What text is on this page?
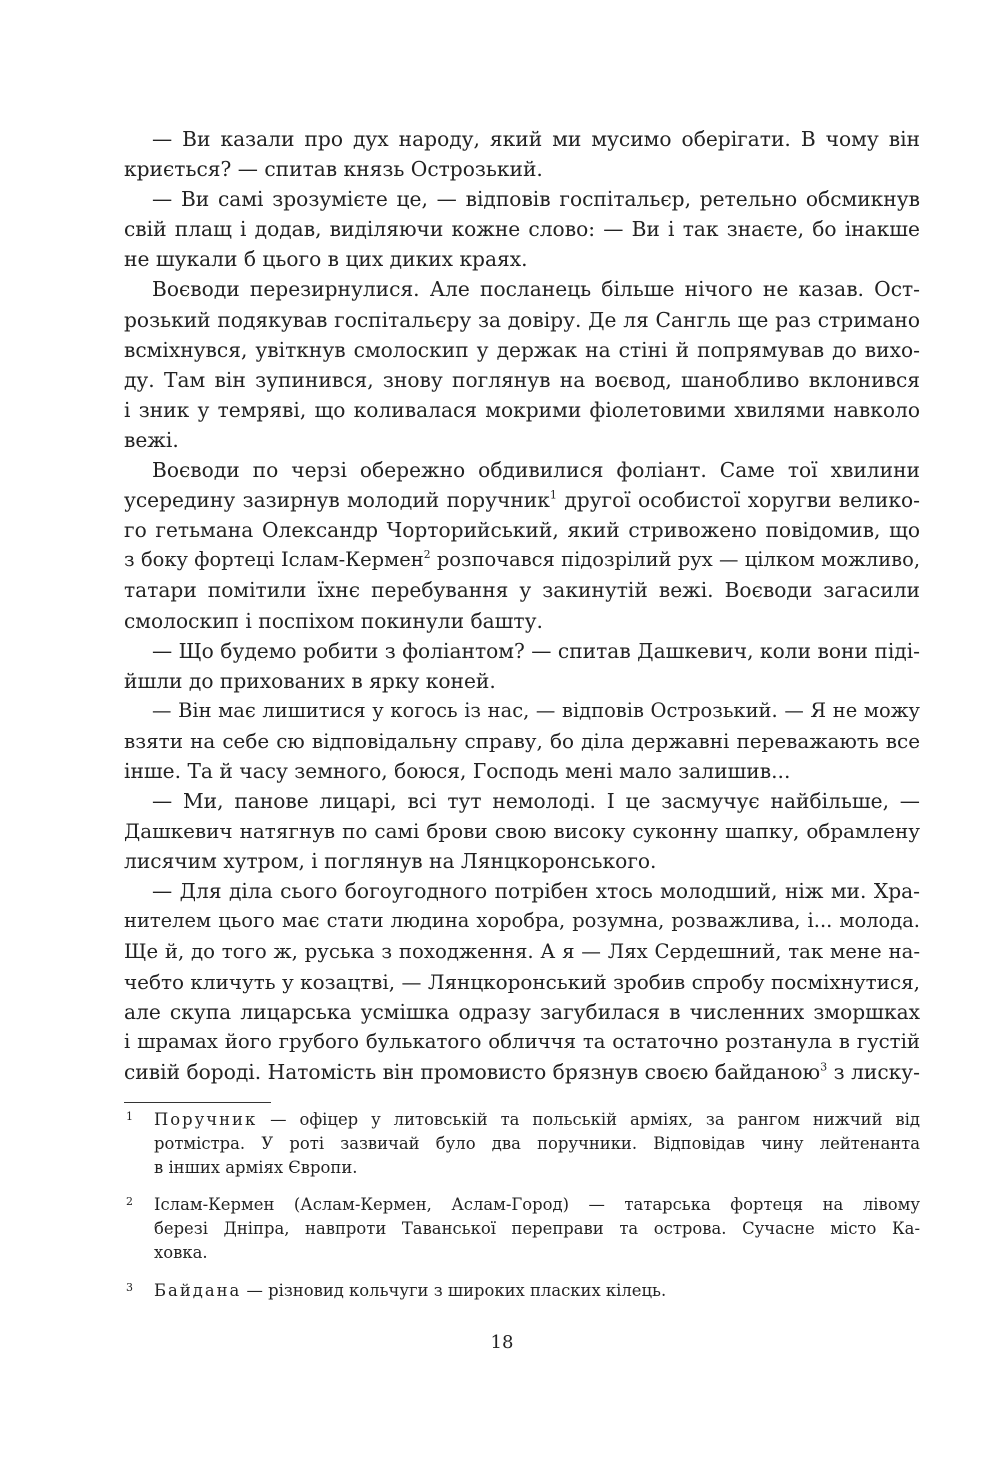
— Ви казали про дух народу, який ми мусимо оберігати. В чому він
криється? — спитав князь Острозький.
— Ви самі зрозумієте це, — відповів госпітальєр, ретельно обсмикнув
свій плащ і додав, виділяючи кожне слово: — Ви і так знаєте, бо інакше
не шукали б цього в цих диких краях.
Воєводи перезирнулися. Але посланець більше нічого не казав. Ост-
розький подякував госпітальєру за довіру. Де ля Сангль ще раз стримано
всміхнувся, увіткнув смолоскип у держак на стіні й попрямував до вихо-
ду. Там він зупинився, знову поглянув на воєвод, шанобливо вклонився
і зник у темряві, що коливалася мокрими фіолетовими хвилями навколо
вежі.
Воєводи по черзі обережно обдивилися фоліант. Саме тої хвилини
усередину зазирнув молодий поручник$^1$ другої особистої хоругви велико-
го гетьмана Олександр Чорторийський, який стривожено повідомив, що
з боку фортеці Іслам-Кермен$^2$ розпочався підозрілий рух — цілком можливо,
татари помітили їхнє перебування у закинутій вежі. Воєводи загасили
смолоскип і поспіхом покинули башту.
— Що будемо робити з фоліантом? — спитав Дашкевич, коли вони піді-
йшли до прихованих в ярку коней.
— Він має лишитися у когось із нас, — відповів Острозький. — Я не можу
взяти на себе сю відповідальну справу, бо діла державні переважають все
інше. Та й часу земного, боюся, Господь мені мало залишив...
— Ми, панове лицарі, всі тут немолоді. І це засмучує найбільше, —
Дашкевич натягнув по самі брови свою високу суконну шапку, обрамлену
лисячим хутром, і поглянув на Лянцкоронського.
— Для діла сього богоугодного потрібен хтось молодший, ніж ми. Хра-
нителем цього має стати людина хоробра, розумна, розважлива, і... молода.
Ще й, до того ж, руська з походження. А я — Лях Сердешний, так мене на-
чебто кличуть у козацтві, — Лянцкоронський зробив спробу посміхнутися,
але скупа лицарська усмішка одразу загубилася в численних зморшках
і шрамах його грубого булькатого обличчя та остаточно розтанула в густій
сивій бороді. Натомість він промовисто брязнув своєю байданою$^3$ з лиску-
1 Поручник — офіцер у литовській та польській арміях, за рангом нижчий від
ротмістра. У роті зазвичай було два поручники. Відповідав чину лейтенанта
в інших арміях Європи.
2 Іслам-Кермен (Аслам-Кермен, Аслам-Город) — татарська фортеця на лівому
березі Дніпра, навпроти Таванської переправи та острова. Сучасне місто Ка-
ховка.
3 Байдана — різновид кольчуги з широких пласких кілець.
18
